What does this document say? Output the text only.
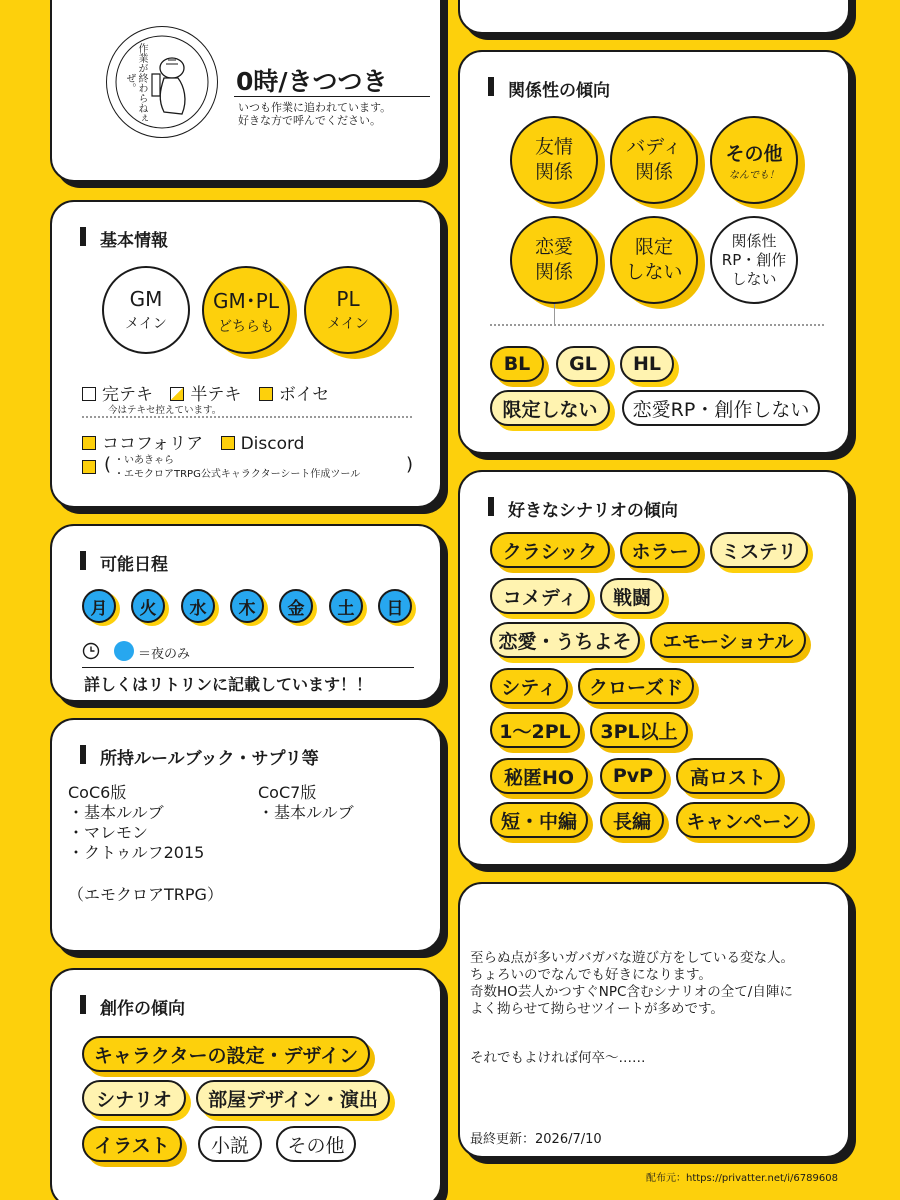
作業が終わらねぇぜ。	0時/きつつき
いつも作業に追われています。
好きな方で呼んでください。
基本情報
GM
メイン
GM･PL
どちらも
PL
メイン
完テキ 半テキ ボイセ
今はテキセ控えています。
ココフォリア Discord
( ・いあきゃら
・エモクロアTRPG公式キャラクターシート作成ツール	)
可能日程
月	火	水	木	金	土	日
＝夜のみ
詳しくはリトリンに記載しています！！
所持ルールブック・サプリ等
CoC6版
・基本ルルブ
・マレモン
・クトゥルフ2015
CoC7版
・基本ルルブ
（エモクロアTRPG）
創作の傾向
キャラクターの設定・デザイン
シナリオ	部屋デザイン・演出
イラスト	小説	その他
関係性の傾向
友情
関係
バディ
関係
その他
なんでも！
恋愛
関係
限定
しない
関係性
RP・創作
しない
BL	GL	HL
限定しない	恋愛RP・創作しない
好きなシナリオの傾向
クラシック	ホラー	ミステリ
コメディ	戦闘
恋愛・うちよそ	エモーショナル
シティ	クローズド
1〜2PL	3PL以上
秘匿HO	PvP	高ロスト
短・中編	長編	キャンペーン
至らぬ点が多いガバガバな遊び方をしている変な人。
ちょろいのでなんでも好きになります。
奇数HO芸人かつすぐNPC含むシナリオの全て/自陣に
よく拗らせて拗らせツイートが多めです。
それでもよければ何卒〜……
最終更新：2026/7/10
配布元：https://privatter.net/i/6789608
